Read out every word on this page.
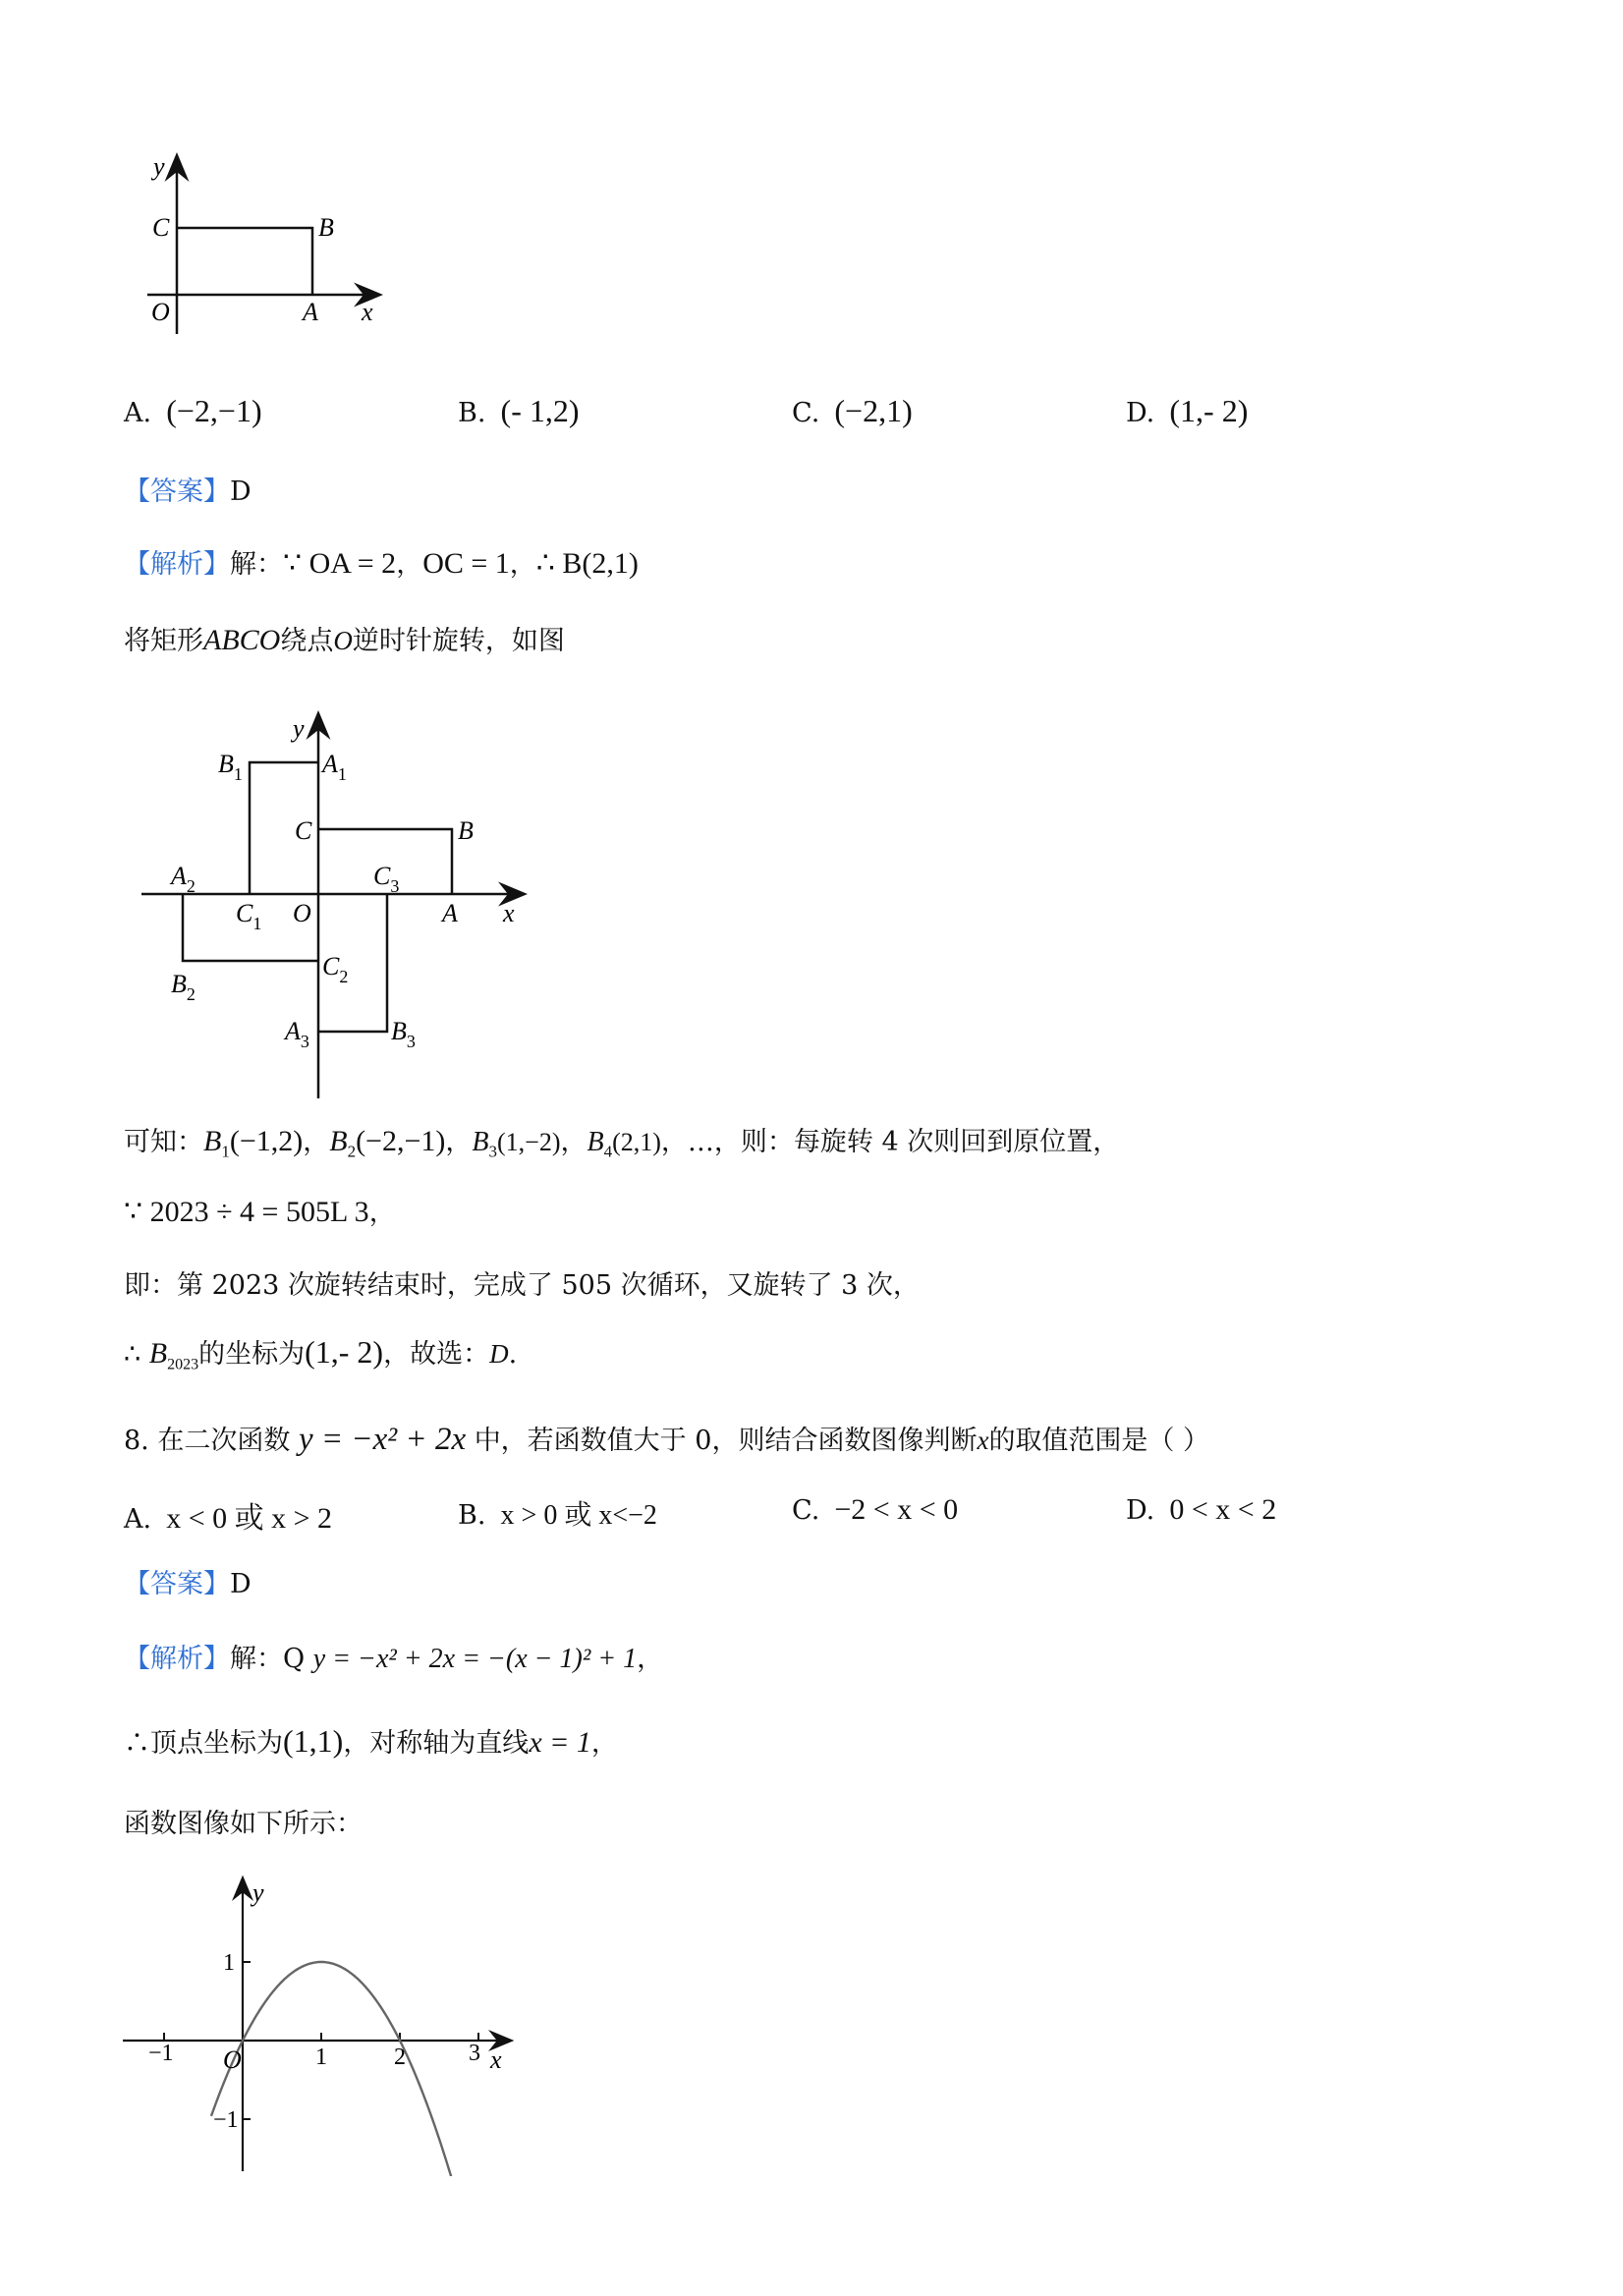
y
C	B
O	A x
A. (−2,−1)	B. (- 1,2)	C. (−2,1)	D. (1,- 2)
【答案】D
【解析】解：∵ OA = 2，OC = 1，∴ B(2,1)
将矩形ABCO绕点O逆时针旋转，如图
y
$B_1$	$A_1$
C	B
$A_2$	$C_3$
$C_1$ O	A x
$B_2$
$C_2$
$A_3$	$B_3$
可知：$B_1(-1,2)$，$B_2(-2,-1)$，$B_3(1,-2)$，$B_4(2,1)$，…，则：每旋转 4 次则回到原位置，
∵ 2023 ÷ 4 = 505L 3，
即：第 2023 次旋转结束时，完成了 505 次循环，又旋转了 3 次，
∴ $B_{2023}$的坐标为(1,- 2)，故选：D.
8. 在二次函数 y = −x² + 2x 中，若函数值大于 0，则结合函数图像判断x的取值范围是（ ）
A. x < 0 或 x > 2	B. x > 0 或 x<−2	C. −2 < x < 0	D. 0 < x < 2
【答案】D
【解析】解：Q y = −x² + 2x = −(x − 1)² + 1，
∴顶点坐标为(1,1)，对称轴为直线x = 1，
函数图像如下所示：
y
1
−1 O	1	2	3 x
−1
